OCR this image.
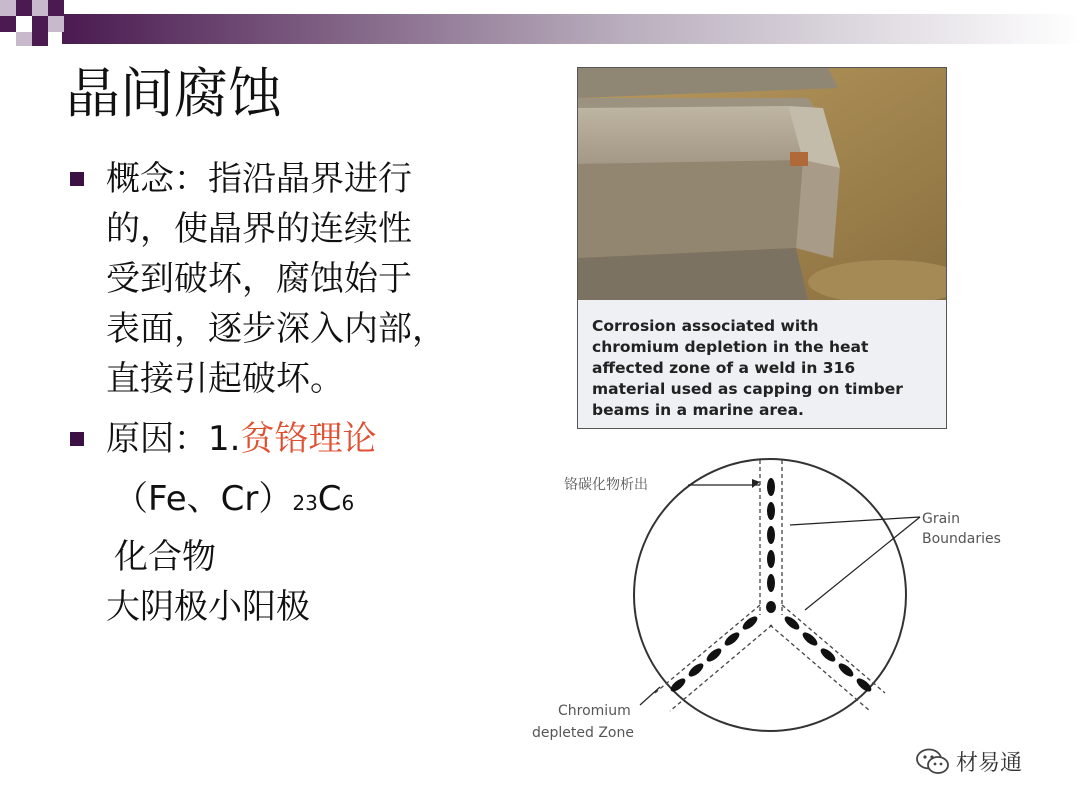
晶间腐蚀
概念：指沿晶界进行
的，使晶界的连续性
受到破坏，腐蚀始于
表面，逐步深入内部，
直接引起破坏。
原因：1.贫铬理论
（Fe、Cr）23C6
化合物
大阴极小阳极
Corrosion associated with
chromium depletion in the heat
affected zone of a weld in 316
material used as capping on timber
beams in a marine area.
铬碳化物析出
Grain
Boundaries
Chromium
depleted Zone
材易通
